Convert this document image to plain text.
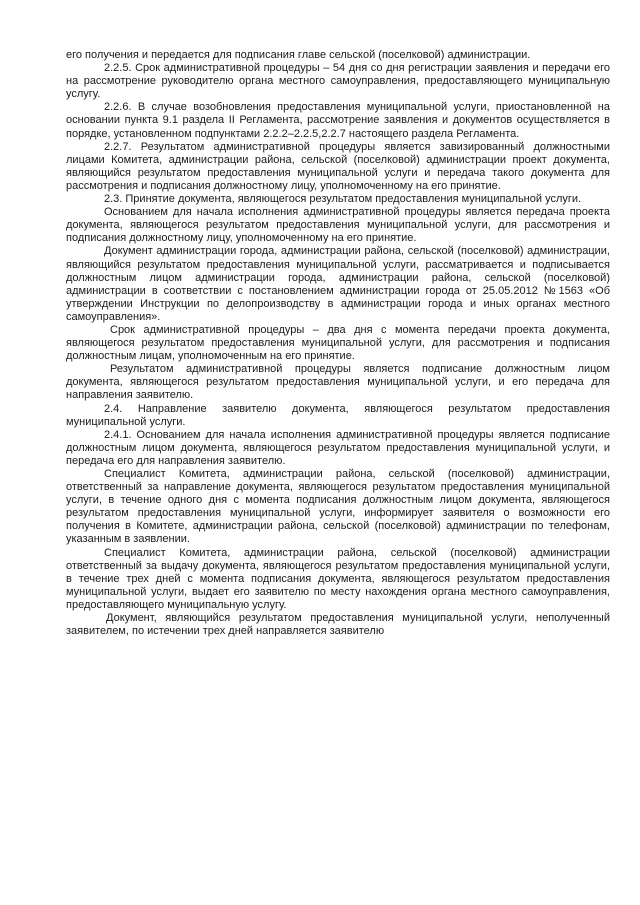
его получения и передается для подписания главе сельской (поселковой) администрации.

2.2.5. Срок административной процедуры – 54 дня со дня регистрации заявления и передачи его на рассмотрение руководителю органа местного самоуправления, предоставляющего муниципальную услугу.

2.2.6. В случае возобновления предоставления муниципальной услуги, приостановленной на основании пункта 9.1 раздела II Регламента, рассмотрение заявления и документов осуществляется в порядке, установленном подпунктами 2.2.2–2.2.5,2.2.7 настоящего раздела Регламента.

2.2.7. Результатом административной процедуры является завизированный должностными лицами Комитета, администрации района, сельской (поселковой) администрации проект документа, являющийся результатом предоставления муниципальной услуги и передача такого документа для рассмотрения и подписания должностному лицу, уполномоченному на его принятие.

2.3. Принятие документа, являющегося результатом предоставления муниципальной услуги.

Основанием для начала исполнения административной процедуры является передача проекта документа, являющегося результатом предоставления муниципальной услуги, для рассмотрения и подписания должностному лицу, уполномоченному на его принятие.

Документ администрации города, администрации района, сельской (поселковой) администрации, являющийся результатом предоставления муниципальной услуги, рассматривается и подписывается должностным лицом администрации города, администрации района, сельской (поселковой) администрации в соответствии с постановлением администрации города от 25.05.2012 №1563 «Об утверждении Инструкции по делопроизводству в администрации города и иных органах местного самоуправления».

Срок административной процедуры – два дня с момента передачи проекта документа, являющегося результатом предоставления муниципальной услуги, для рассмотрения и подписания должностным лицам, уполномоченным на его принятие.

Результатом административной процедуры является подписание должностным лицом документа, являющегося результатом предоставления муниципальной услуги, и его передача для направления заявителю.

2.4. Направление заявителю документа, являющегося результатом предоставления муниципальной услуги.

2.4.1. Основанием для начала исполнения административной процедуры является подписание должностным лицом документа, являющегося результатом предоставления муниципальной услуги, и передача его для направления заявителю.

Специалист Комитета, администрации района, сельской (поселковой) администрации, ответственный за направление документа, являющегося результатом предоставления муниципальной услуги, в течение одного дня с момента подписания должностным лицом документа, являющегося результатом предоставления муниципальной услуги, информирует заявителя о возможности его получения в Комитете, администрации района, сельской (поселковой) администрации по телефонам, указанным в заявлении.

Специалист Комитета, администрации района, сельской (поселковой) администрации ответственный за выдачу документа, являющегося результатом предоставления муниципальной услуги, в течение трех дней с момента подписания документа, являющегося результатом предоставления муниципальной услуги, выдает его заявителю по месту нахождения органа местного самоуправления, предоставляющего муниципальную услугу.

Документ, являющийся результатом предоставления муниципальной услуги, неполученный заявителем, по истечении трех дней направляется заявителю
